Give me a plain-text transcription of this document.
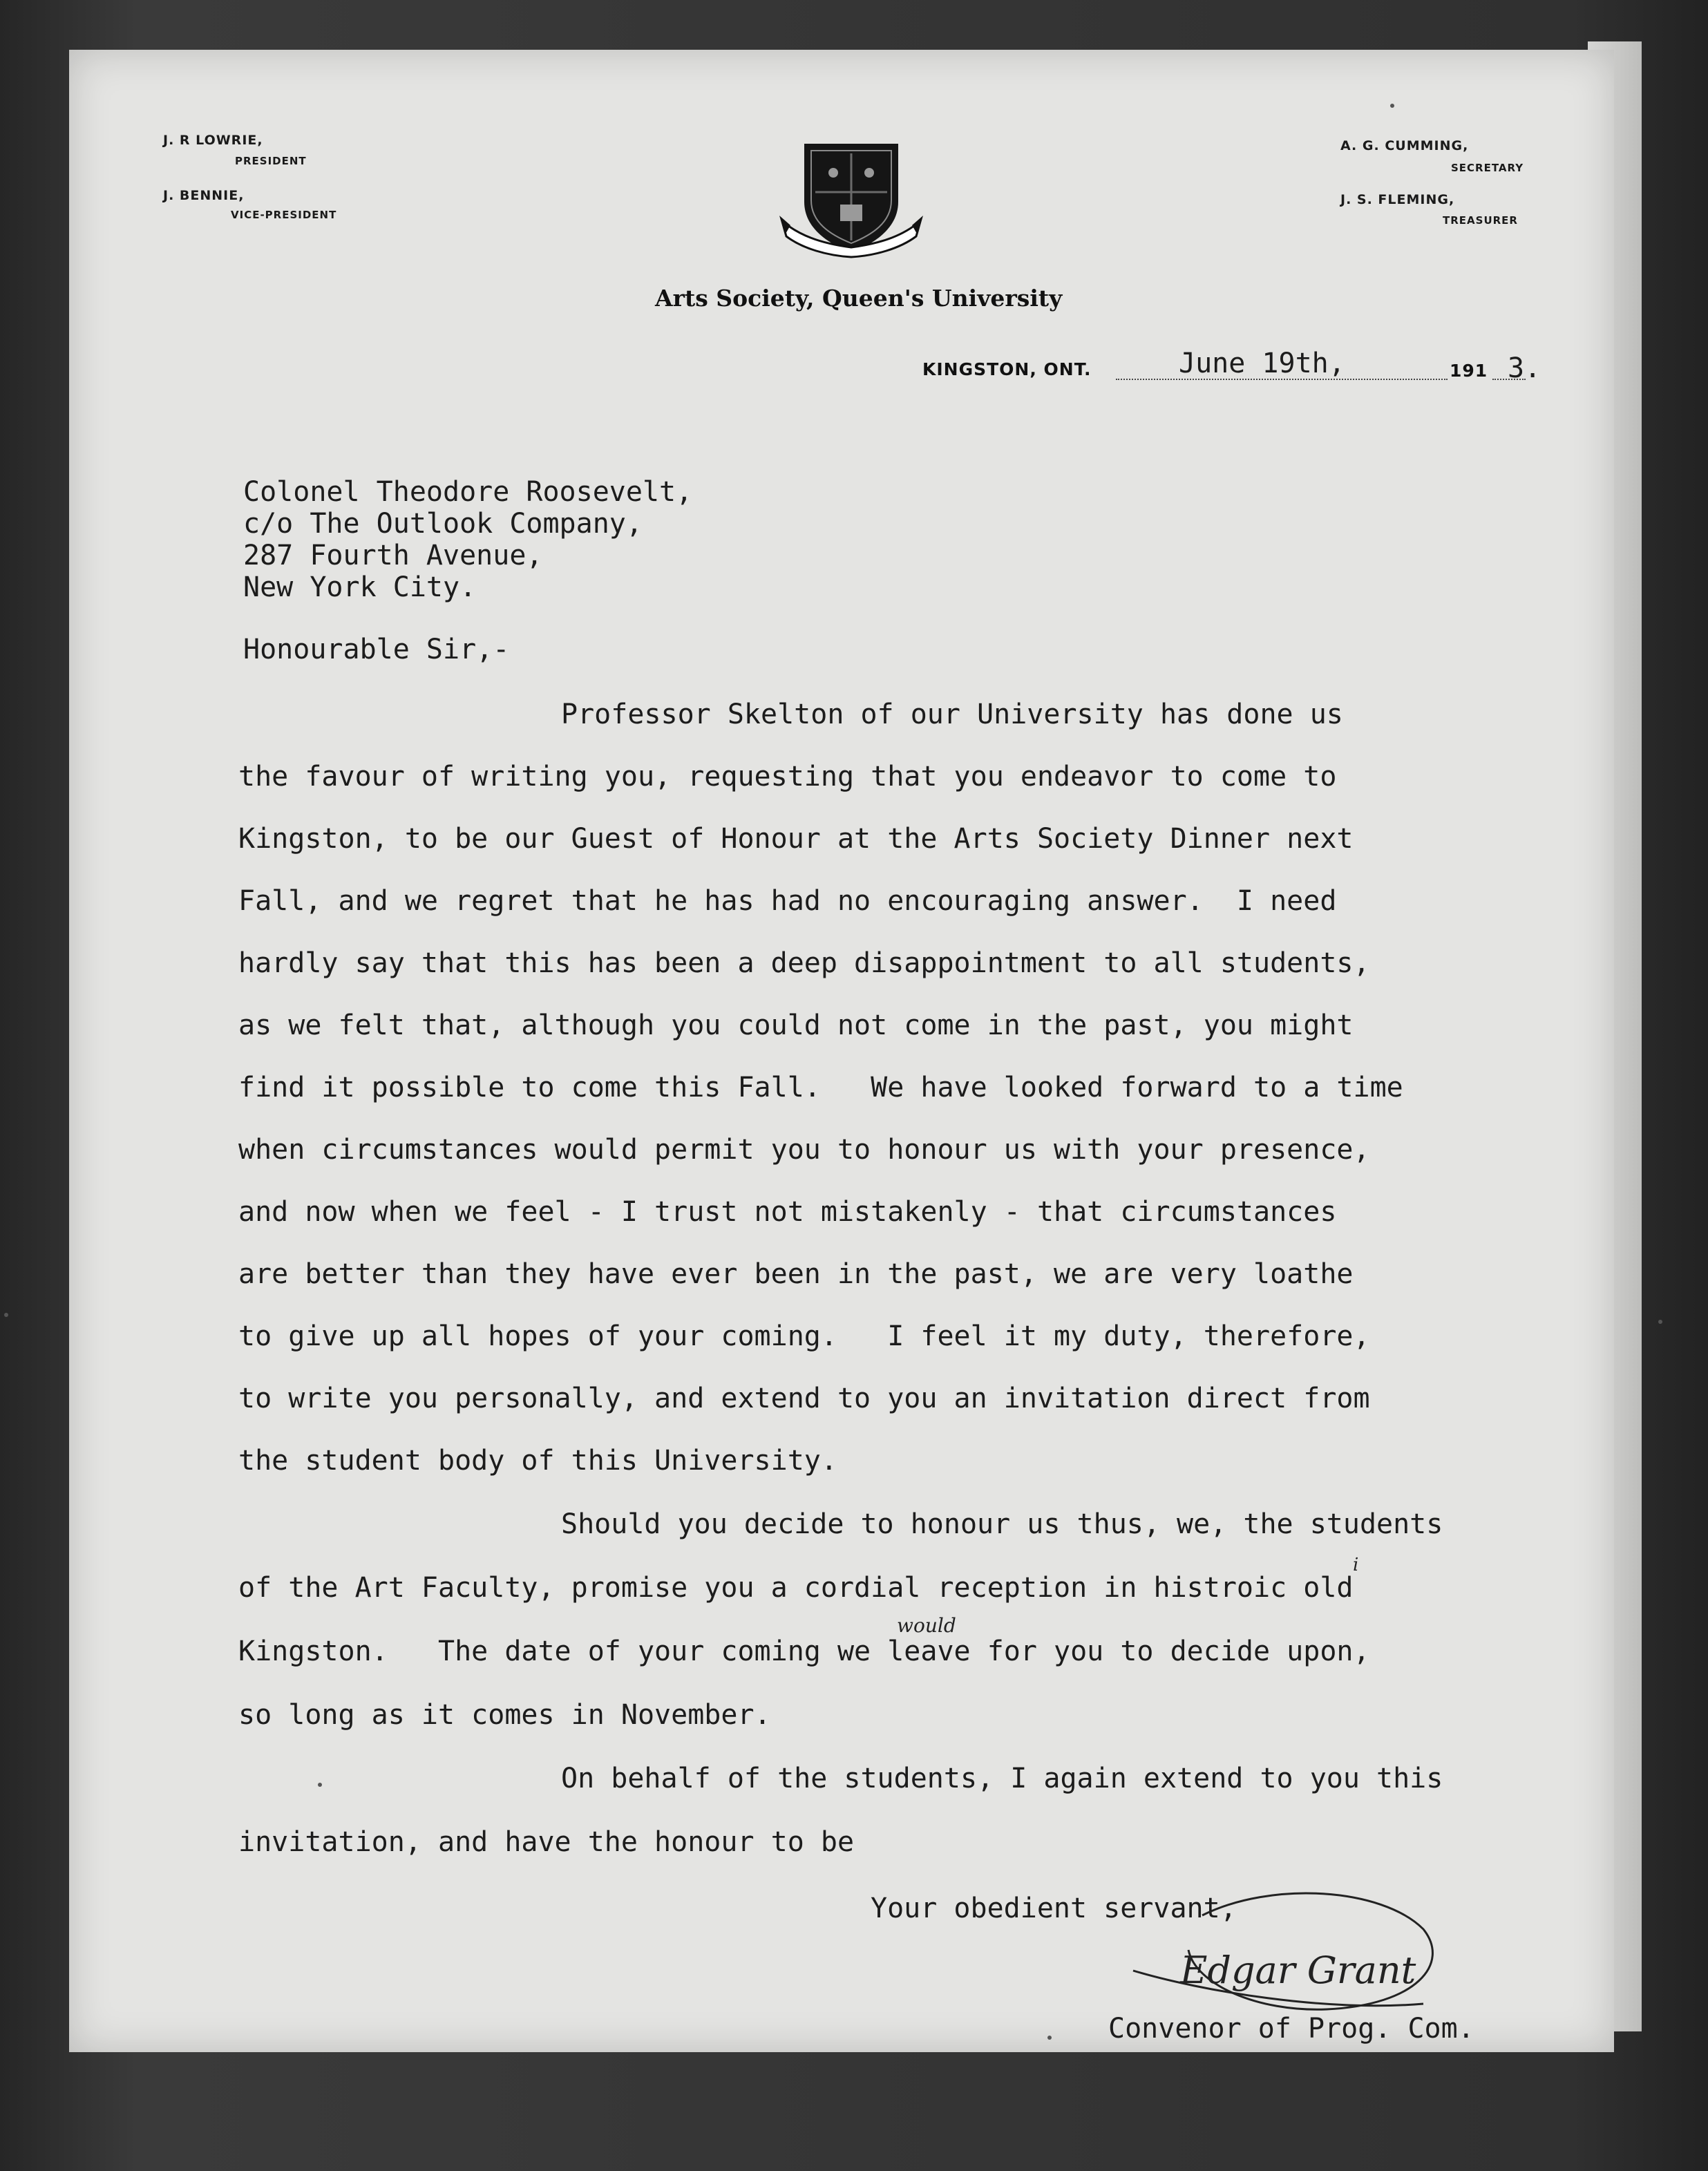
J. R LOWRIE,
PRESIDENT
J. BENNIE,
VICE-PRESIDENT
A. G. CUMMING,
SECRETARY
J. S. FLEMING,
TREASURER
Arts Society, Queen's University
KINGSTON, ONT.	June 19th,	191 3.
Colonel Theodore Roosevelt,
c/o The Outlook Company,
287 Fourth Avenue,
New York City.
Honourable Sir,-
Professor Skelton of our University has done us
the favour of writing you, requesting that you endeavor to come to
Kingston, to be our Guest of Honour at the Arts Society Dinner next
Fall, and we regret that he has had no encouraging answer.  I need
hardly say that this has been a deep disappointment to all students,
as we felt that, although you could not come in the past, you might
find it possible to come this Fall.   We have looked forward to a time
when circumstances would permit you to honour us with your presence,
and now when we feel - I trust not mistakenly - that circumstances
are better than they have ever been in the past, we are very loathe
to give up all hopes of your coming.   I feel it my duty, therefore,
to write you personally, and extend to you an invitation direct from
the student body of this University.
Should you decide to honour us thus, we, the students
of the Art Faculty, promise you a cordial reception in histroic old
Kingston.   The date of your coming we leave for you to decide upon,
so long as it comes in November.
would
i
On behalf of the students, I again extend to you this
invitation, and have the honour to be
Your obedient servant,
Edgar Grant
Convenor of Prog. Com.
